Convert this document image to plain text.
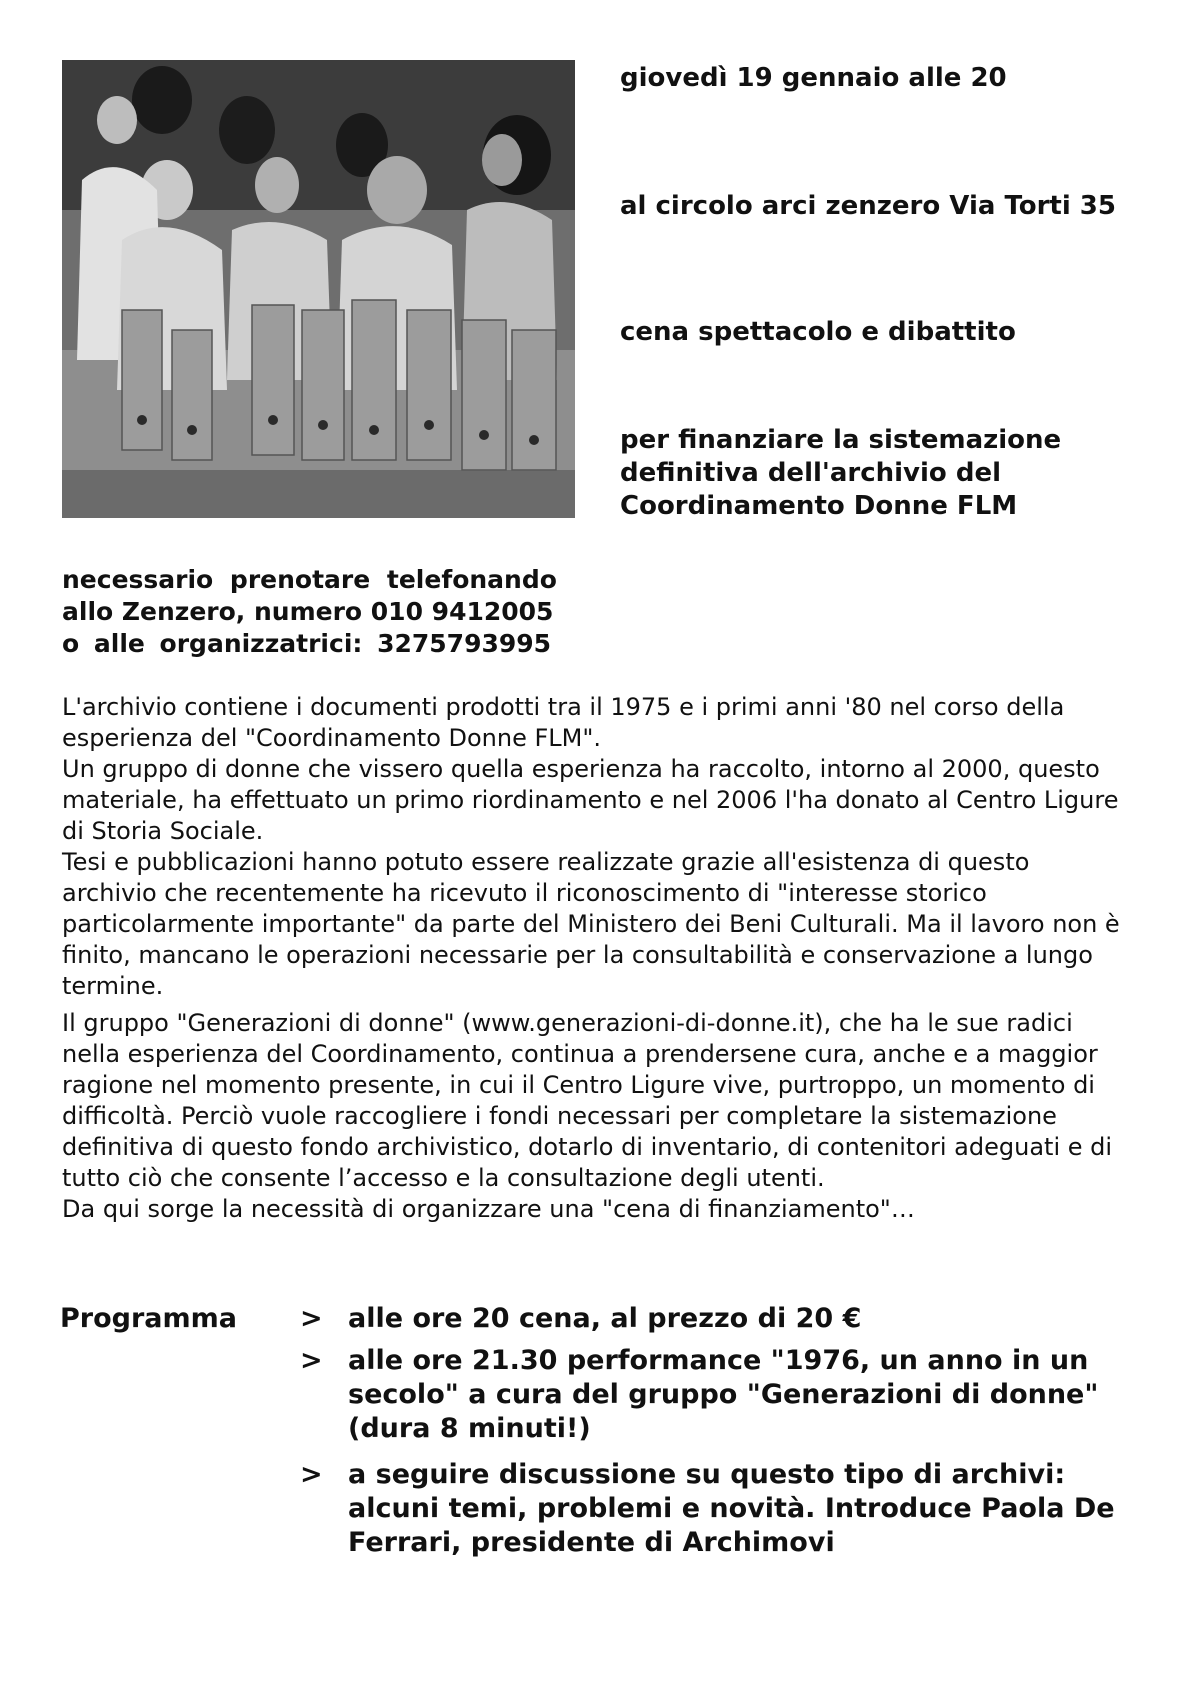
giovedì 19 gennaio alle 20

al circolo arci zenzero Via Torti 35

cena spettacolo e dibattito

per finanziare la sistemazione

definitiva dell'archivio del

Coordinamento Donne FLM

necessario prenotare telefonando
allo Zenzero, numero 010 9412005
o alle organizzatrici: 3275793995

L'archivio contiene i documenti prodotti tra il 1975 e i primi anni '80 nel corso della esperienza del "Coordinamento Donne FLM".

Un gruppo di donne che vissero quella esperienza ha raccolto, intorno al 2000, questo materiale, ha effettuato un primo riordinamento e nel 2006 l'ha donato al Centro Ligure di Storia Sociale.

Tesi e pubblicazioni hanno potuto essere realizzate grazie all'esistenza di questo archivio che recentemente ha ricevuto il riconoscimento di "interesse storico particolarmente importante" da parte del Ministero dei Beni Culturali. Ma il lavoro non è finito, mancano le operazioni necessarie per la consultabilità e conservazione a lungo termine.

Il gruppo "Generazioni di donne" (www.generazioni-di-donne.it), che ha le sue radici nella esperienza del Coordinamento, continua a prendersene cura, anche e a maggior ragione nel momento presente, in cui il Centro Ligure vive, purtroppo, un momento di difficoltà. Perciò vuole raccogliere i fondi necessari per completare la sistemazione definitiva di questo fondo archivistico, dotarlo di inventario, di contenitori adeguati e di tutto ciò che consente l’accesso e la consultazione degli utenti.

Da qui sorge la necessità di organizzare una "cena di finanziamento"…

Programma > alle ore 20 cena, al prezzo di 20 €
> alle ore 21.30 performance "1976, un anno in un secolo" a cura del gruppo "Generazioni di donne" (dura 8 minuti!)
> a seguire discussione su questo tipo di archivi: alcuni temi, problemi e novità. Introduce Paola De Ferrari, presidente di Archimovi
